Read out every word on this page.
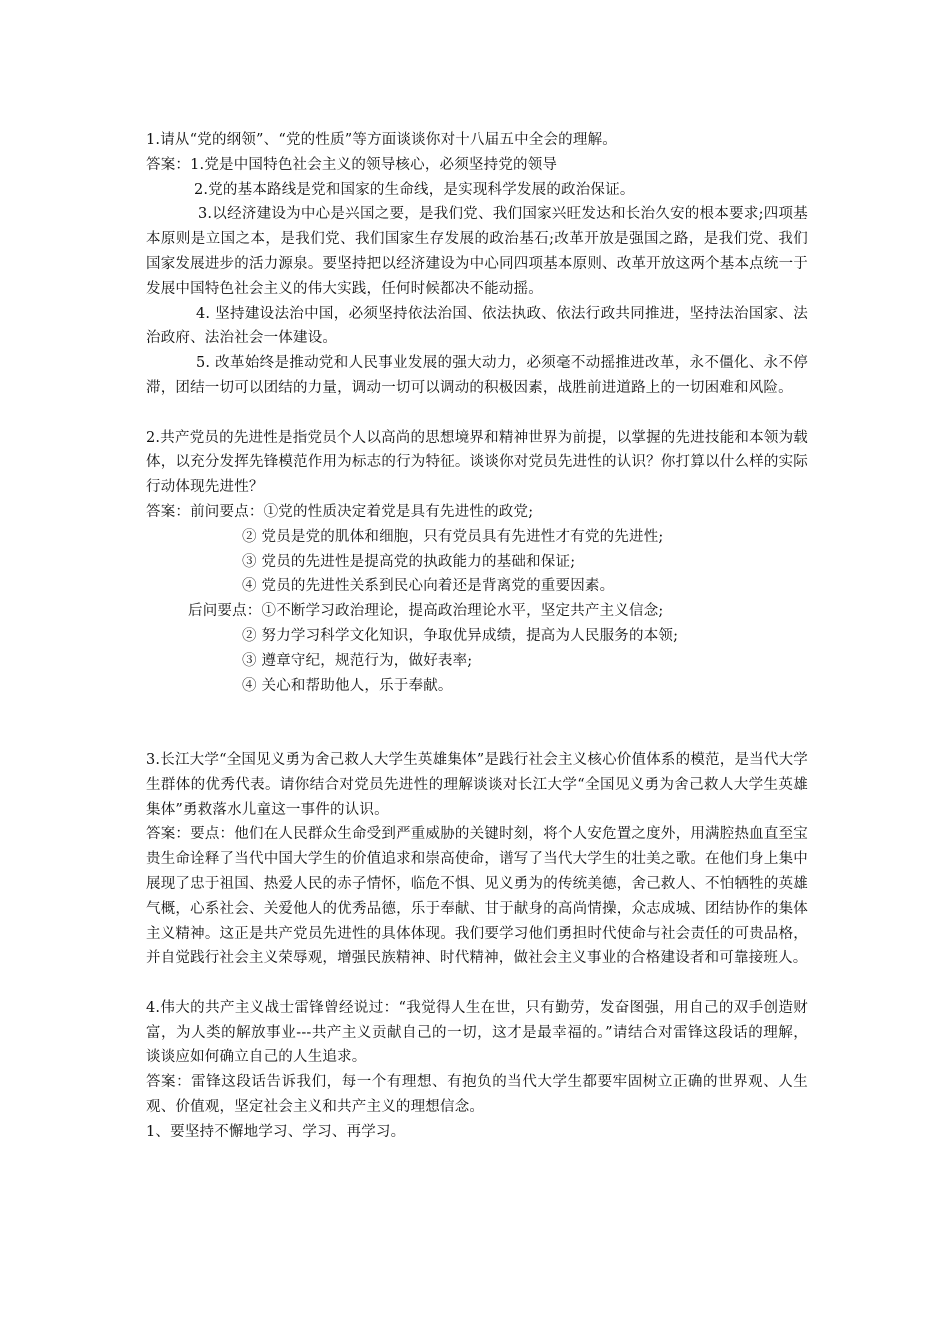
1.请从“党的纲领”、“党的性质”等方面谈谈你对十八届五中全会的理解。

答案：1.党是中国特色社会主义的领导核心，必须坚持党的领导

2.党的基本路线是党和国家的生命线，是实现科学发展的政治保证。

3.以经济建设为中心是兴国之要，是我们党、我们国家兴旺发达和长治久安的根本要求;四项基本原则是立国之本，是我们党、我们国家生存发展的政治基石;改革开放是强国之路，是我们党、我们国家发展进步的活力源泉。要坚持把以经济建设为中心同四项基本原则、改革开放这两个基本点统一于发展中国特色社会主义的伟大实践，任何时候都决不能动摇。

4. 坚持建设法治中国，必须坚持依法治国、依法执政、依法行政共同推进，坚持法治国家、法治政府、法治社会一体建设。

5. 改革始终是推动党和人民事业发展的强大动力，必须毫不动摇推进改革，永不僵化、永不停滞，团结一切可以团结的力量，调动一切可以调动的积极因素，战胜前进道路上的一切困难和风险。

2.共产党员的先进性是指党员个人以高尚的思想境界和精神世界为前提，以掌握的先进技能和本领为载体，以充分发挥先锋模范作用为标志的行为特征。谈谈你对党员先进性的认识？你打算以什么样的实际行动体现先进性？

答案：前问要点：①党的性质决定着党是具有先进性的政党;

② 党员是党的肌体和细胞，只有党员具有先进性才有党的先进性;

③ 党员的先进性是提高党的执政能力的基础和保证;

④ 党员的先进性关系到民心向着还是背离党的重要因素。

后问要点：①不断学习政治理论，提高政治理论水平，坚定共产主义信念;

② 努力学习科学文化知识，争取优异成绩，提高为人民服务的本领;

③ 遵章守纪，规范行为，做好表率;

④ 关心和帮助他人，乐于奉献。

3.长江大学“全国见义勇为舍己救人大学生英雄集体”是践行社会主义核心价值体系的模范，是当代大学生群体的优秀代表。请你结合对党员先进性的理解谈谈对长江大学“全国见义勇为舍己救人大学生英雄集体”勇救落水儿童这一事件的认识。

答案：要点：他们在人民群众生命受到严重威胁的关键时刻，将个人安危置之度外，用满腔热血直至宝贵生命诠释了当代中国大学生的价值追求和崇高使命，谱写了当代大学生的壮美之歌。在他们身上集中展现了忠于祖国、热爱人民的赤子情怀，临危不惧、见义勇为的传统美德，舍己救人、不怕牺牲的英雄气概，心系社会、关爱他人的优秀品德，乐于奉献、甘于献身的高尚情操，众志成城、团结协作的集体主义精神。这正是共产党员先进性的具体体现。我们要学习他们勇担时代使命与社会责任的可贵品格，并自觉践行社会主义荣辱观，增强民族精神、时代精神，做社会主义事业的合格建设者和可靠接班人。

4.伟大的共产主义战士雷锋曾经说过：“我觉得人生在世，只有勤劳，发奋图强，用自己的双手创造财富，为人类的解放事业---共产主义贡献自己的一切，这才是最幸福的。”请结合对雷锋这段话的理解，谈谈应如何确立自己的人生追求。

答案：雷锋这段话告诉我们，每一个有理想、有抱负的当代大学生都要牢固树立正确的世界观、人生观、价值观，坚定社会主义和共产主义的理想信念。

1、要坚持不懈地学习、学习、再学习。
